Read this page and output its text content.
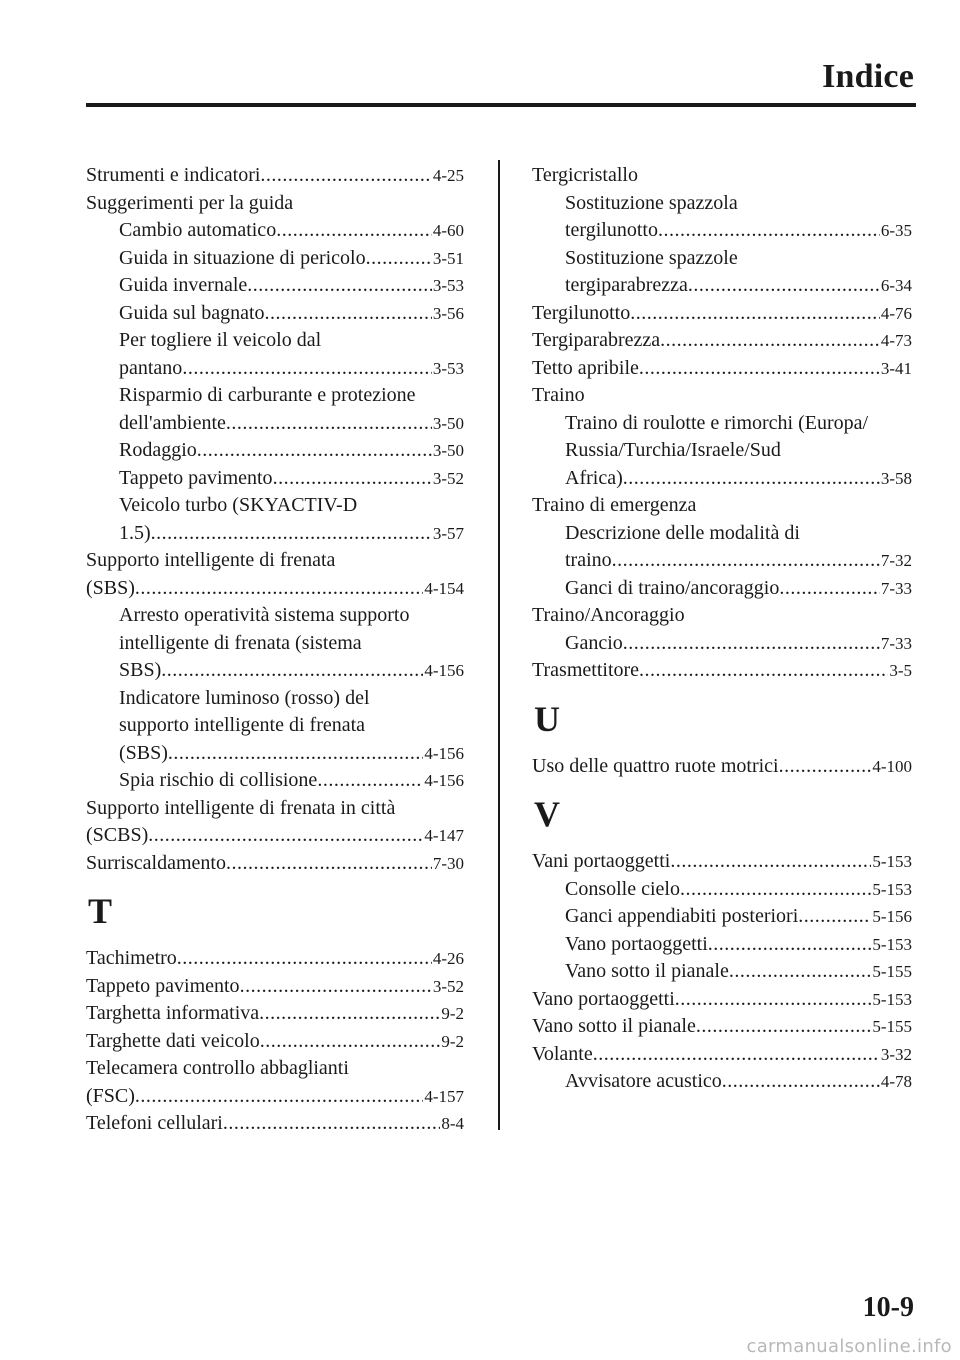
Indice
Strumenti e indicatori .....	4-25
Suggerimenti per la guida
Cambio automatico .....	4-60
Guida in situazione di pericolo .....	3-51
Guida invernale .....	3-53
Guida sul bagnato .....	3-56
Per togliere il veicolo dal
pantano .....	3-53
Risparmio di carburante e protezione
dell'ambiente .....	3-50
Rodaggio .....	3-50
Tappeto pavimento .....	3-52
Veicolo turbo (SKYACTIV-D
1.5) .....	3-57
Supporto intelligente di frenata
(SBS) .....	4-154
Arresto operatività sistema supporto
intelligente di frenata (sistema
SBS) .....	4-156
Indicatore luminoso (rosso) del
supporto intelligente di frenata
(SBS) .....	4-156
Spia rischio di collisione .....	4-156
Supporto intelligente di frenata in città
(SCBS) .....	4-147
Surriscaldamento .....	7-30
T
Tachimetro .....	4-26
Tappeto pavimento .....	3-52
Targhetta informativa .....	9-2
Targhette dati veicolo .....	9-2
Telecamera controllo abbaglianti
(FSC) .....	4-157
Telefoni cellulari .....	8-4
Tergicristallo
Sostituzione spazzola
tergilunotto .....	6-35
Sostituzione spazzole
tergiparabrezza .....	6-34
Tergilunotto .....	4-76
Tergiparabrezza .....	4-73
Tetto apribile .....	3-41
Traino
Traino di roulotte e rimorchi (Europa/
Russia/Turchia/Israele/Sud
Africa) .....	3-58
Traino di emergenza
Descrizione delle modalità di
traino .....	7-32
Ganci di traino/ancoraggio .....	7-33
Traino/Ancoraggio
Gancio .....	7-33
Trasmettitore .....	3-5
U
Uso delle quattro ruote motrici .....	4-100
V
Vani portaoggetti .....	5-153
Consolle cielo .....	5-153
Ganci appendiabiti posteriori .....	5-156
Vano portaoggetti .....	5-153
Vano sotto il pianale .....	5-155
Vano portaoggetti .....	5-153
Vano sotto il pianale .....	5-155
Volante .....	3-32
Avvisatore acustico .....	4-78
10-9
carmanualsonline.info
